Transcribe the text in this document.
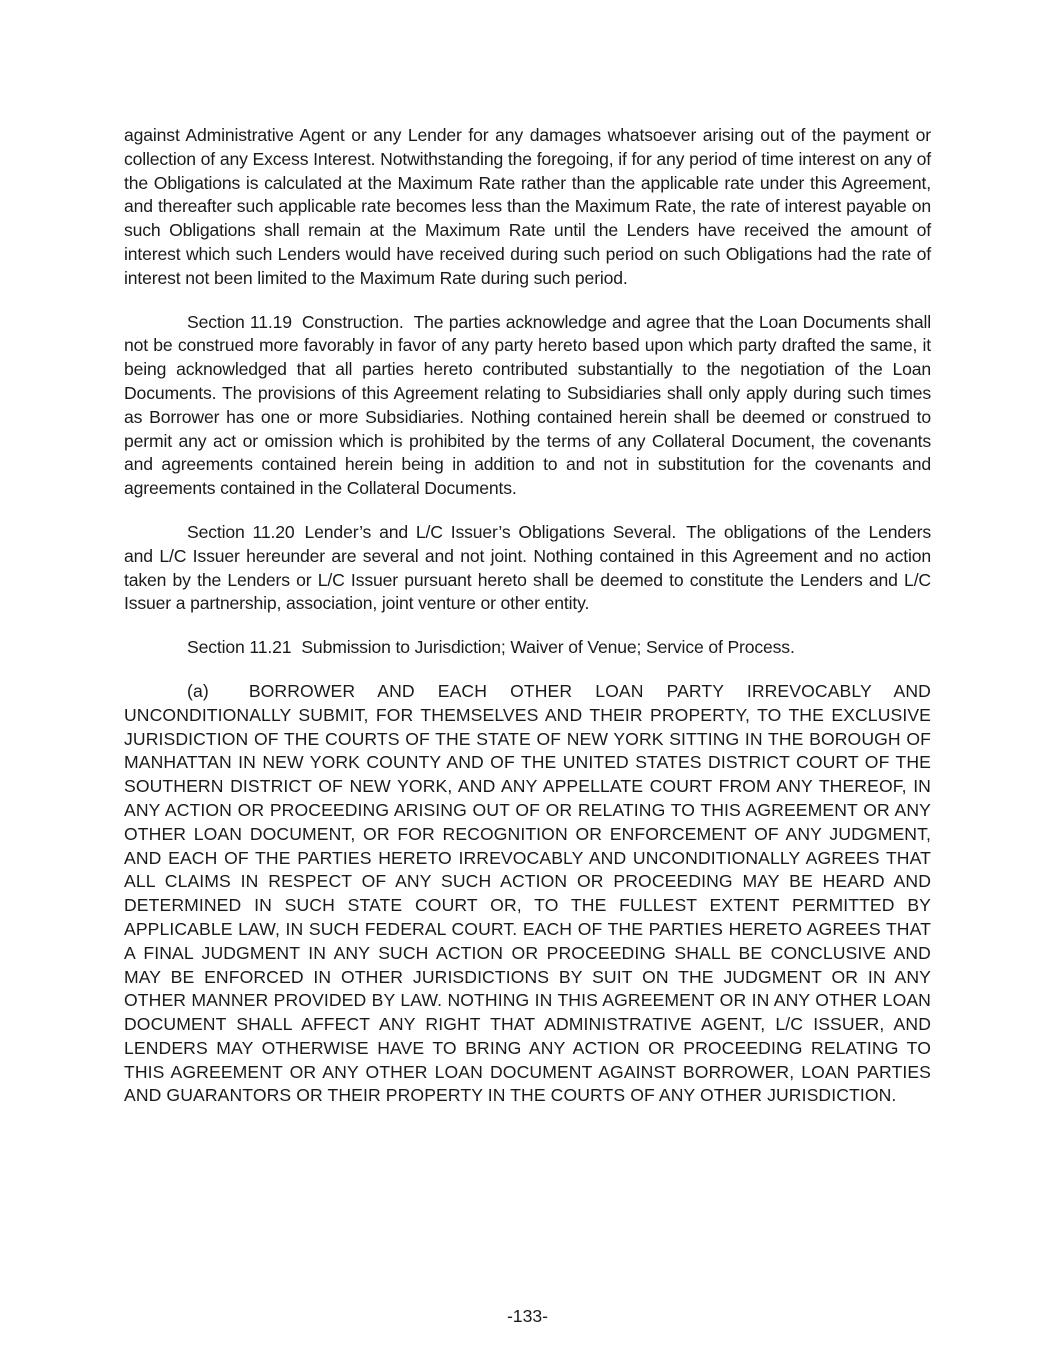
against Administrative Agent or any Lender for any damages whatsoever arising out of the payment or collection of any Excess Interest. Notwithstanding the foregoing, if for any period of time interest on any of the Obligations is calculated at the Maximum Rate rather than the applicable rate under this Agreement, and thereafter such applicable rate becomes less than the Maximum Rate, the rate of interest payable on such Obligations shall remain at the Maximum Rate until the Lenders have received the amount of interest which such Lenders would have received during such period on such Obligations had the rate of interest not been limited to the Maximum Rate during such period.

Section 11.19 Construction. The parties acknowledge and agree that the Loan Documents shall not be construed more favorably in favor of any party hereto based upon which party drafted the same, it being acknowledged that all parties hereto contributed substantially to the negotiation of the Loan Documents. The provisions of this Agreement relating to Subsidiaries shall only apply during such times as Borrower has one or more Subsidiaries. Nothing contained herein shall be deemed or construed to permit any act or omission which is prohibited by the terms of any Collateral Document, the covenants and agreements contained herein being in addition to and not in substitution for the covenants and agreements contained in the Collateral Documents.

Section 11.20 Lender’s and L/C Issuer’s Obligations Several. The obligations of the Lenders and L/C Issuer hereunder are several and not joint. Nothing contained in this Agreement and no action taken by the Lenders or L/C Issuer pursuant hereto shall be deemed to constitute the Lenders and L/C Issuer a partnership, association, joint venture or other entity.

Section 11.21 Submission to Jurisdiction; Waiver of Venue; Service of Process.

(a) BORROWER AND EACH OTHER LOAN PARTY IRREVOCABLY AND UNCONDITIONALLY SUBMIT, FOR THEMSELVES AND THEIR PROPERTY, TO THE EXCLUSIVE JURISDICTION OF THE COURTS OF THE STATE OF NEW YORK SITTING IN THE BOROUGH OF MANHATTAN IN NEW YORK COUNTY AND OF THE UNITED STATES DISTRICT COURT OF THE SOUTHERN DISTRICT OF NEW YORK, AND ANY APPELLATE COURT FROM ANY THEREOF, IN ANY ACTION OR PROCEEDING ARISING OUT OF OR RELATING TO THIS AGREEMENT OR ANY OTHER LOAN DOCUMENT, OR FOR RECOGNITION OR ENFORCEMENT OF ANY JUDGMENT, AND EACH OF THE PARTIES HERETO IRREVOCABLY AND UNCONDITIONALLY AGREES THAT ALL CLAIMS IN RESPECT OF ANY SUCH ACTION OR PROCEEDING MAY BE HEARD AND DETERMINED IN SUCH STATE COURT OR, TO THE FULLEST EXTENT PERMITTED BY APPLICABLE LAW, IN SUCH FEDERAL COURT. EACH OF THE PARTIES HERETO AGREES THAT A FINAL JUDGMENT IN ANY SUCH ACTION OR PROCEEDING SHALL BE CONCLUSIVE AND MAY BE ENFORCED IN OTHER JURISDICTIONS BY SUIT ON THE JUDGMENT OR IN ANY OTHER MANNER PROVIDED BY LAW. NOTHING IN THIS AGREEMENT OR IN ANY OTHER LOAN DOCUMENT SHALL AFFECT ANY RIGHT THAT ADMINISTRATIVE AGENT, L/C ISSUER, AND LENDERS MAY OTHERWISE HAVE TO BRING ANY ACTION OR PROCEEDING RELATING TO THIS AGREEMENT OR ANY OTHER LOAN DOCUMENT AGAINST BORROWER, LOAN PARTIES AND GUARANTORS OR THEIR PROPERTY IN THE COURTS OF ANY OTHER JURISDICTION.

-133-
